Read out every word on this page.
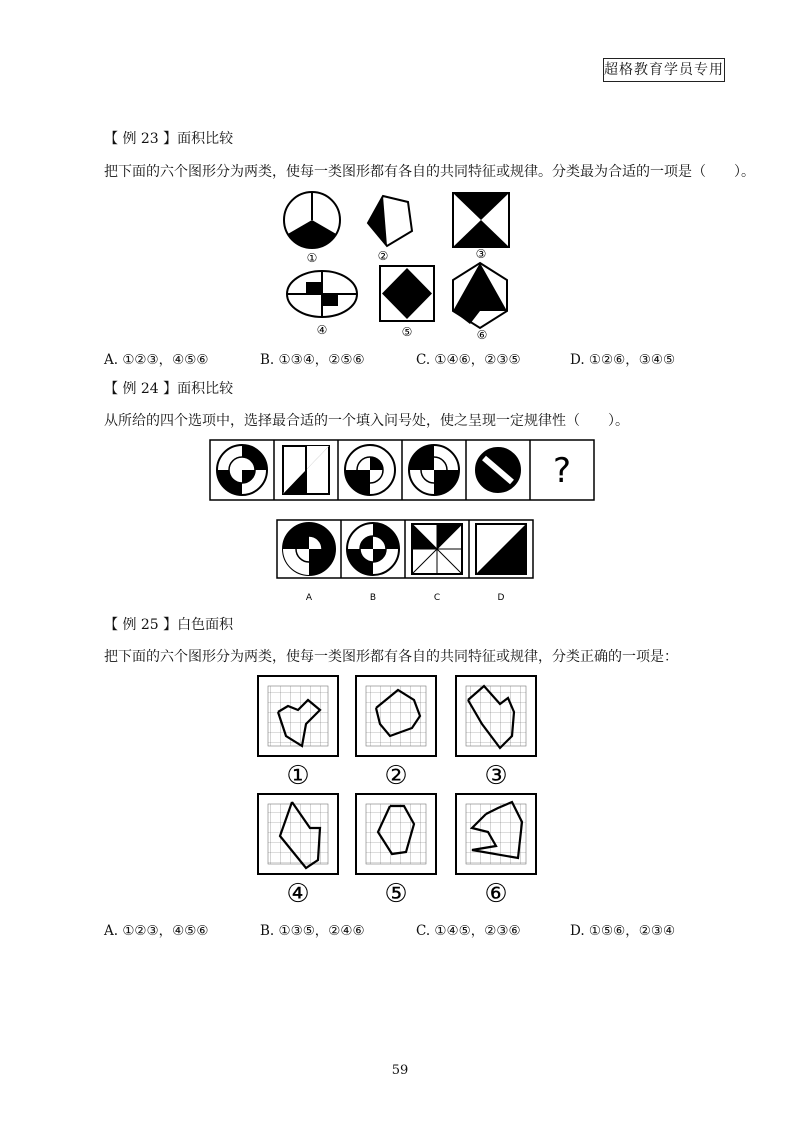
超格教育学员专用
【 例 23 】面积比较
把下面的六个图形分为两类，使每一类图形都有各自的共同特征或规律。分类最为合适的一项是（　　）。
①	②	③
④	⑤	⑥
A. ①②③，④⑤⑥	B. ①③④，②⑤⑥	C. ①④⑥，②③⑤	D. ①②⑥，③④⑤
【 例 24 】面积比较
从所给的四个选项中，选择最合适的一个填入问号处，使之呈现一定规律性（　　）。
?
A	B	C	D
【 例 25 】白色面积
把下面的六个图形分为两类，使每一类图形都有各自的共同特征或规律，分类正确的一项是：
①	②	③
④	⑤	⑥
A. ①②③，④⑤⑥	B. ①③⑤，②④⑥	C. ①④⑤，②③⑥	D. ①⑤⑥，②③④
59
